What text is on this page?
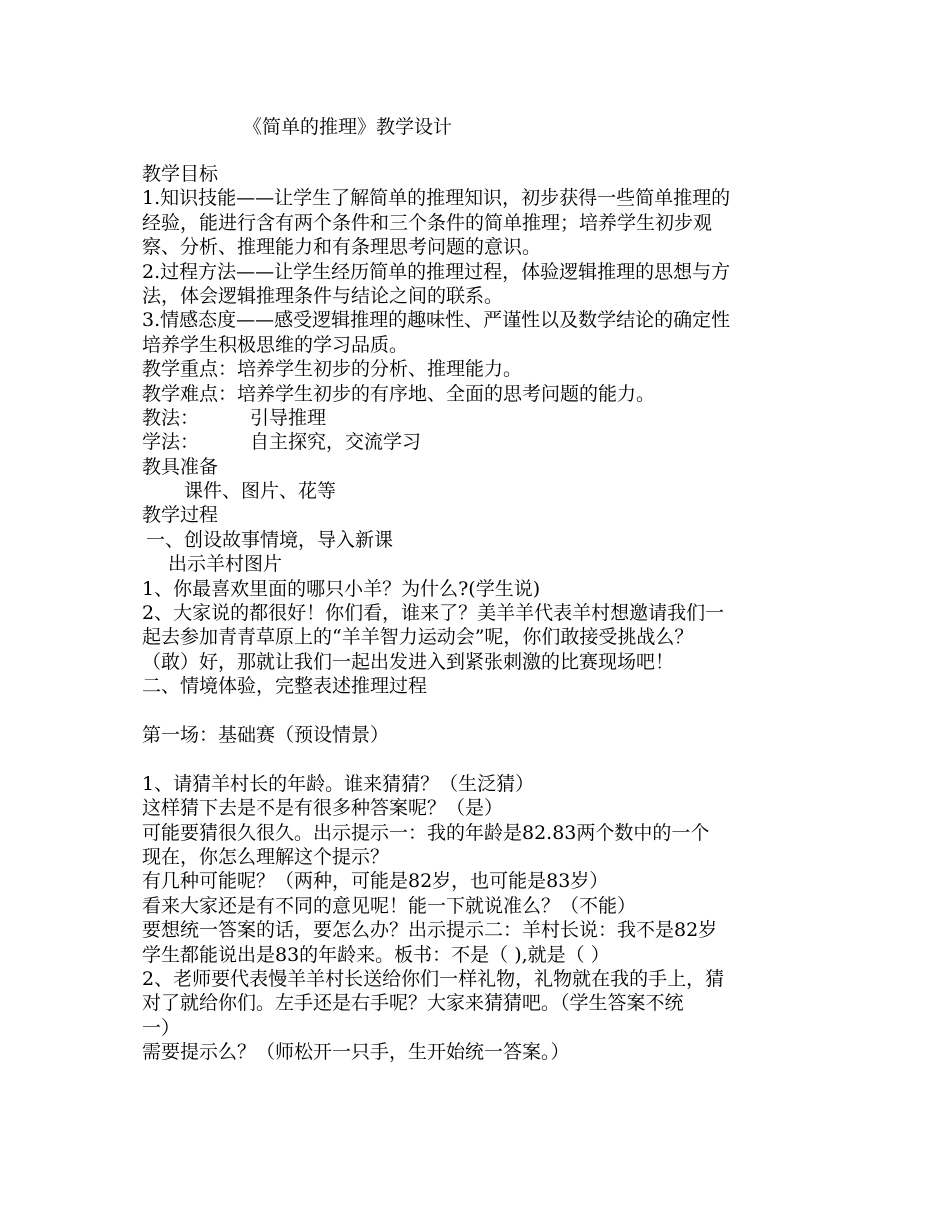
《简单的推理》教学设计
教学目标
1.知识技能——让学生了解简单的推理知识，初步获得一些简单推理的
经验，能进行含有两个条件和三个条件的简单推理；培养学生初步观
察、分析、推理能力和有条理思考问题的意识。
2.过程方法——让学生经历简单的推理过程，体验逻辑推理的思想与方
法，体会逻辑推理条件与结论之间的联系。
3.情感态度——感受逻辑推理的趣味性、严谨性以及数学结论的确定性
培养学生积极思维的学习品质。
教学重点：培养学生初步的分析、推理能力。
教学难点：培养学生初步的有序地、全面的思考问题的能力。
教法：	引导推理
学法：	自主探究，交流学习
教具准备
课件、图片、花等
教学过程
一、创设故事情境，导入新课
出示羊村图片
1、你最喜欢里面的哪只小羊？为什么?(学生说)
2、大家说的都很好！你们看，谁来了？美羊羊代表羊村想邀请我们一
起去参加青青草原上的“羊羊智力运动会”呢，你们敢接受挑战么？
（敢）好，那就让我们一起出发进入到紧张刺激的比赛现场吧！
二、情境体验，完整表述推理过程
第一场：基础赛（预设情景）
1、请猜羊村长的年龄。谁来猜猜？（生泛猜）
这样猜下去是不是有很多种答案呢？（是）
可能要猜很久很久。出示提示一：我的年龄是82.83两个数中的一个
现在，你怎么理解这个提示？
有几种可能呢？（两种，可能是82岁，也可能是83岁）
看来大家还是有不同的意见呢！能一下就说准么？（不能）
要想统一答案的话，要怎么办？出示提示二：羊村长说：我不是82岁
学生都能说出是83的年龄来。板书：不是（ ),就是（ ）
2、老师要代表慢羊羊村长送给你们一样礼物，礼物就在我的手上，猜
对了就给你们。左手还是右手呢？大家来猜猜吧。（学生答案不统
一）
需要提示么？（师松开一只手，生开始统一答案。）
